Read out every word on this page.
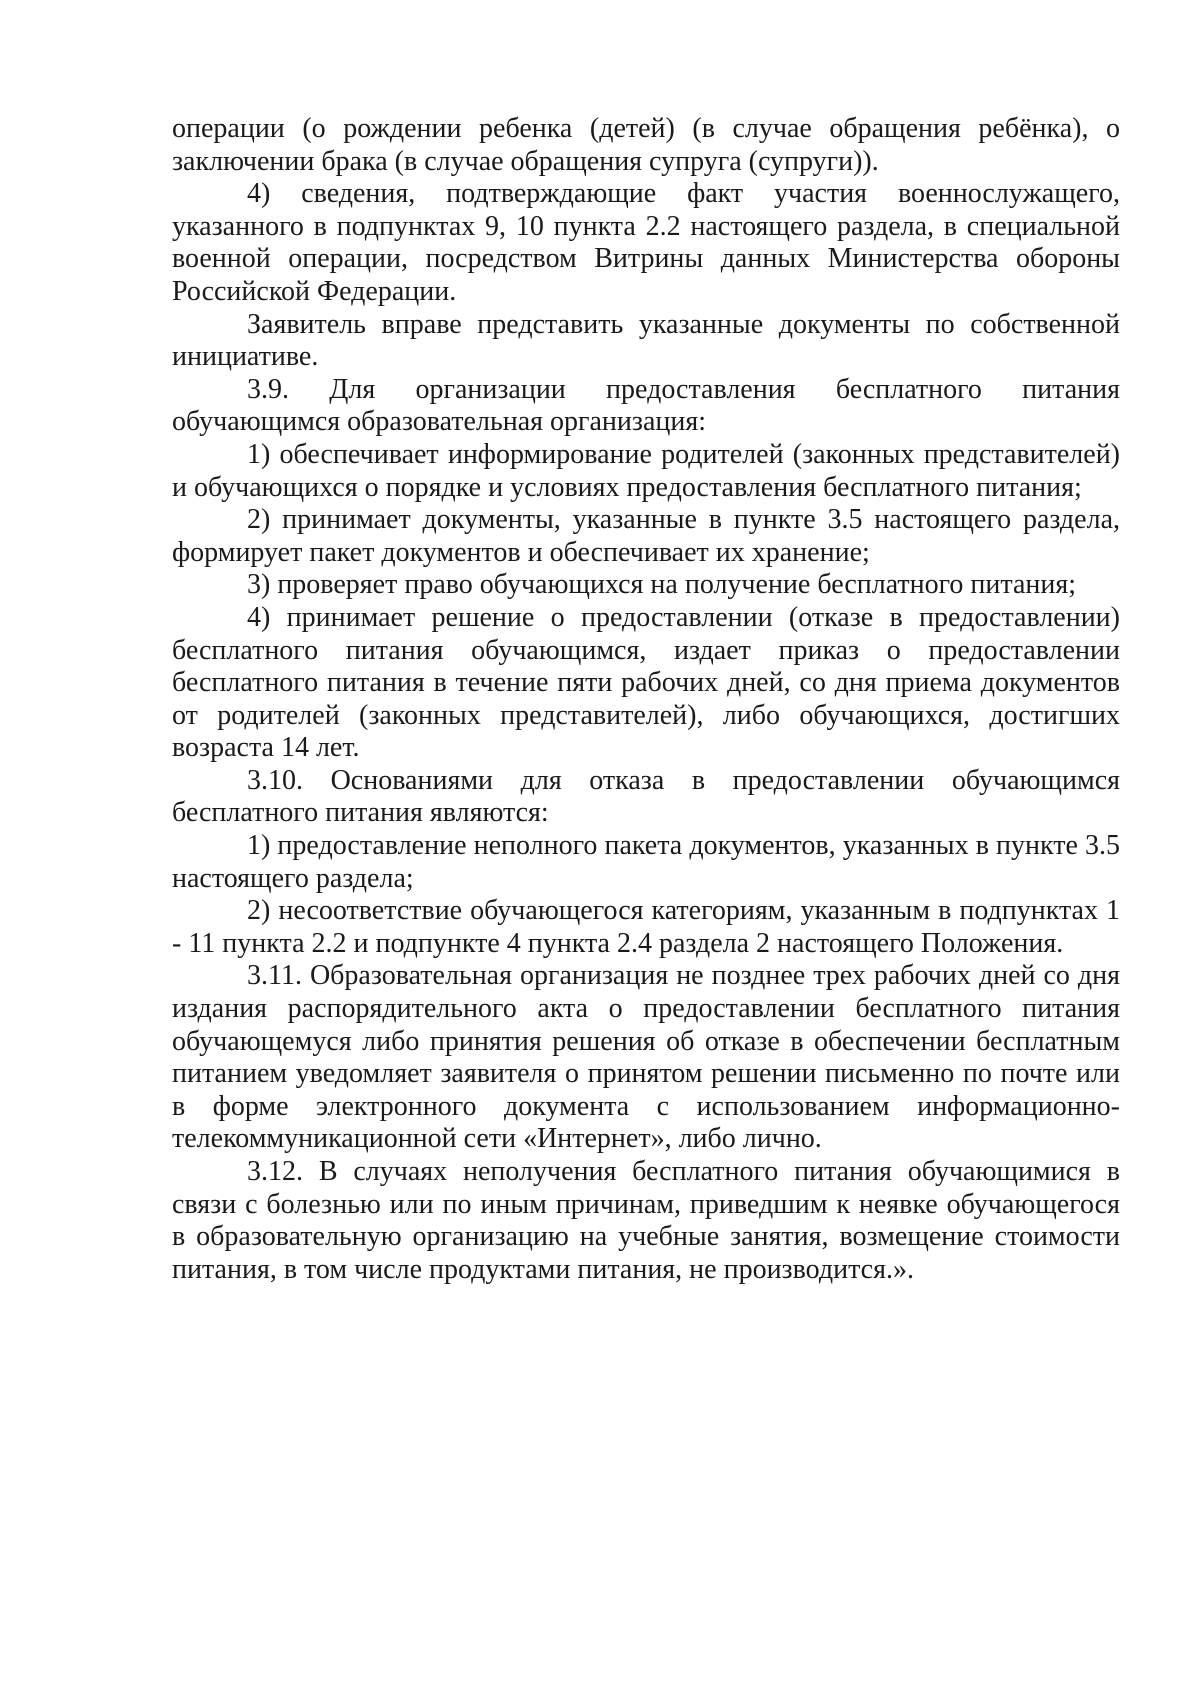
операции (о рождении ребенка (детей) (в случае обращения ребёнка), о заключении брака (в случае обращения супруга (супруги)).

4) сведения, подтверждающие факт участия военнослужащего, указанного в подпунктах 9, 10 пункта 2.2 настоящего раздела, в специальной военной операции, посредством Витрины данных Министерства обороны Российской Федерации.

Заявитель вправе представить указанные документы по собственной инициативе.

3.9. Для организации предоставления бесплатного питания обучающимся образовательная организация:

1) обеспечивает информирование родителей (законных представителей) и обучающихся о порядке и условиях предоставления бесплатного питания;

2) принимает документы, указанные в пункте 3.5 настоящего раздела, формирует пакет документов и обеспечивает их хранение;

3) проверяет право обучающихся на получение бесплатного питания;

4) принимает решение о предоставлении (отказе в предоставлении) бесплатного питания обучающимся, издает приказ о предоставлении бесплатного питания в течение пяти рабочих дней, со дня приема документов от родителей (законных представителей), либо обучающихся, достигших возраста 14 лет.

3.10. Основаниями для отказа в предоставлении обучающимся бесплатного питания являются:

1) предоставление неполного пакета документов, указанных в пункте 3.5 настоящего раздела;

2) несоответствие обучающегося категориям, указанным в подпунктах 1 - 11 пункта 2.2 и подпункте 4 пункта 2.4 раздела 2 настоящего Положения.

3.11. Образовательная организация не позднее трех рабочих дней со дня издания распорядительного акта о предоставлении бесплатного питания обучающемуся либо принятия решения об отказе в обеспечении бесплатным питанием уведомляет заявителя о принятом решении письменно по почте или в форме электронного документа с использованием информационно-телекоммуникационной сети «Интернет», либо лично.

3.12. В случаях неполучения бесплатного питания обучающимися в связи с болезнью или по иным причинам, приведшим к неявке обучающегося в образовательную организацию на учебные занятия, возмещение стоимости питания, в том числе продуктами питания, не производится.».
